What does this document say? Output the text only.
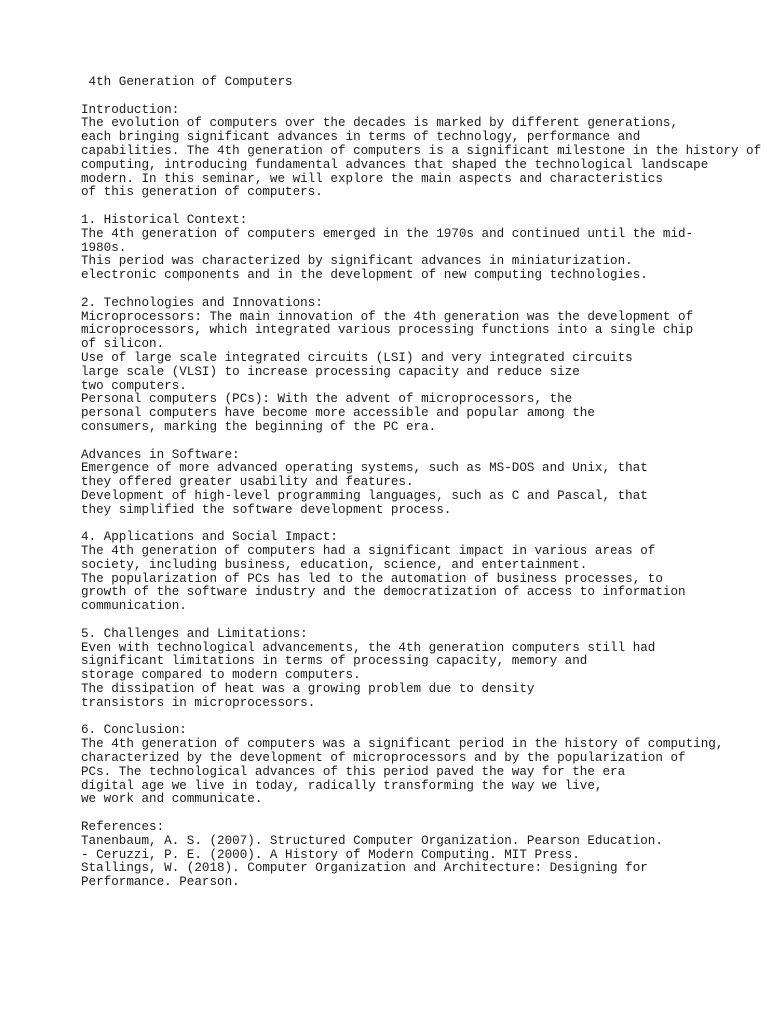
4th Generation of Computers
Introduction:
The evolution of computers over the decades is marked by different generations,
each bringing significant advances in terms of technology, performance and
capabilities. The 4th generation of computers is a significant milestone in the history of
computing, introducing fundamental advances that shaped the technological landscape
modern. In this seminar, we will explore the main aspects and characteristics
of this generation of computers.
1. Historical Context:
The 4th generation of computers emerged in the 1970s and continued until the mid-
1980s.
This period was characterized by significant advances in miniaturization.
electronic components and in the development of new computing technologies.
2. Technologies and Innovations:
Microprocessors: The main innovation of the 4th generation was the development of
microprocessors, which integrated various processing functions into a single chip
of silicon.
Use of large scale integrated circuits (LSI) and very integrated circuits
large scale (VLSI) to increase processing capacity and reduce size
two computers.
Personal computers (PCs): With the advent of microprocessors, the
personal computers have become more accessible and popular among the
consumers, marking the beginning of the PC era.
Advances in Software:
Emergence of more advanced operating systems, such as MS-DOS and Unix, that
they offered greater usability and features.
Development of high-level programming languages, such as C and Pascal, that
they simplified the software development process.
4. Applications and Social Impact:
The 4th generation of computers had a significant impact in various areas of
society, including business, education, science, and entertainment.
The popularization of PCs has led to the automation of business processes, to
growth of the software industry and the democratization of access to information
communication.
5. Challenges and Limitations:
Even with technological advancements, the 4th generation computers still had
significant limitations in terms of processing capacity, memory and
storage compared to modern computers.
The dissipation of heat was a growing problem due to density
transistors in microprocessors.
6. Conclusion:
The 4th generation of computers was a significant period in the history of computing,
characterized by the development of microprocessors and by the popularization of
PCs. The technological advances of this period paved the way for the era
digital age we live in today, radically transforming the way we live,
we work and communicate.
References:
Tanenbaum, A. S. (2007). Structured Computer Organization. Pearson Education.
- Ceruzzi, P. E. (2000). A History of Modern Computing. MIT Press.
Stallings, W. (2018). Computer Organization and Architecture: Designing for
Performance. Pearson.
